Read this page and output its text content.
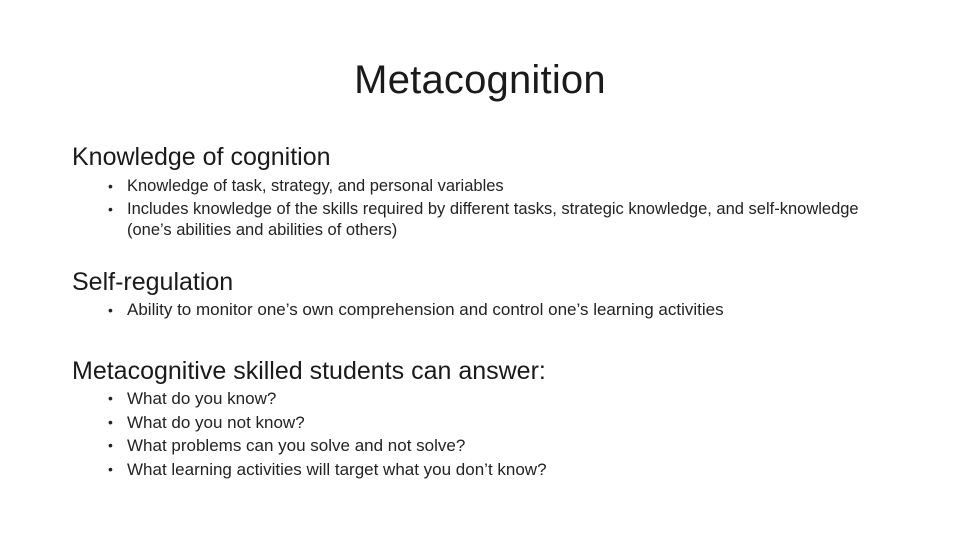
Metacognition

Knowledge of cognition

• Knowledge of task, strategy, and personal variables
• Includes knowledge of the skills required by different tasks, strategic knowledge, and self-knowledge (one’s abilities and abilities of others)

Self-regulation

• Ability to monitor one’s own comprehension and control one’s learning activities

Metacognitive skilled students can answer:

• What do you know?
• What do you not know?
• What problems can you solve and not solve?
• What learning activities will target what you don’t know?
